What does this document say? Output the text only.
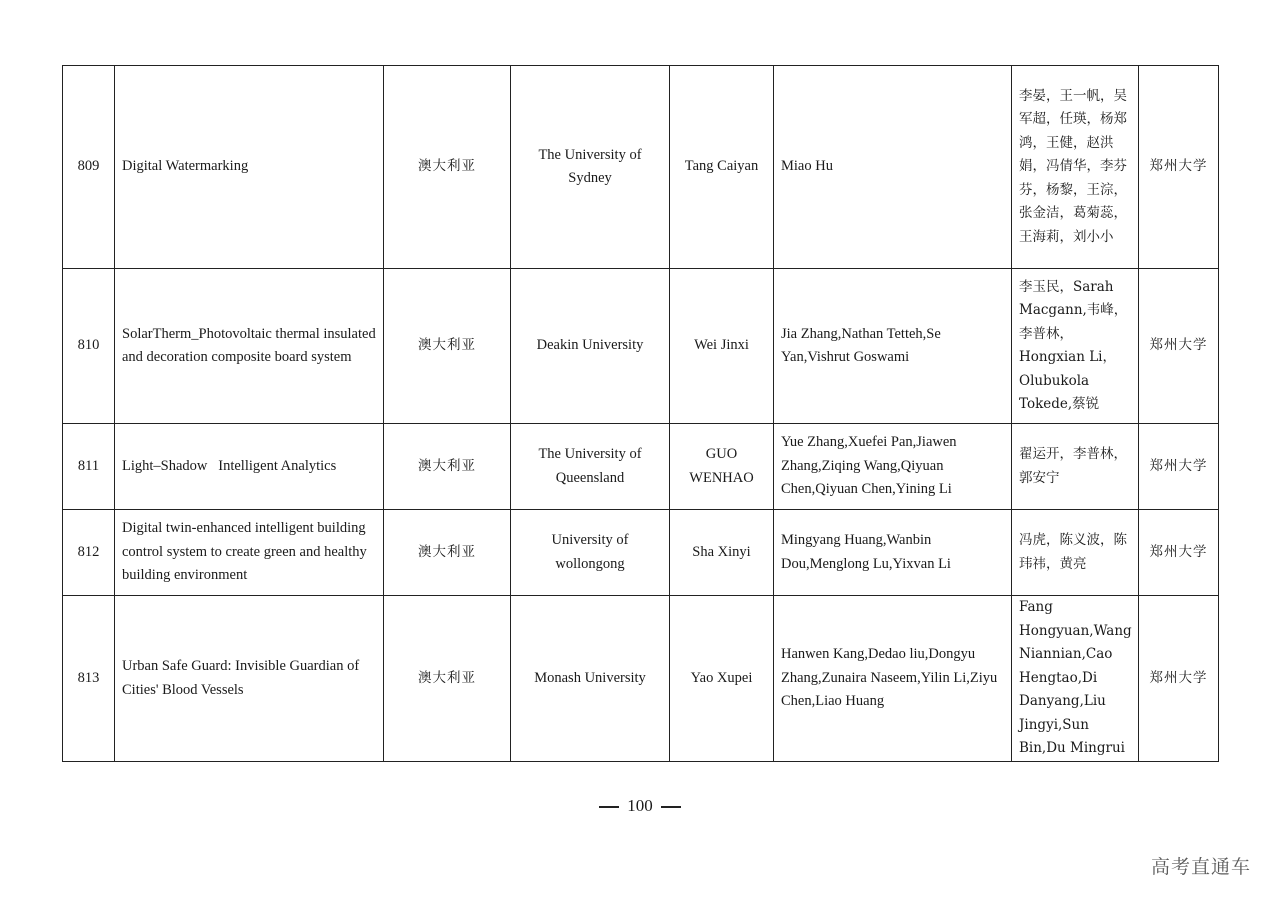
809	Digital Watermarking	澳大利亚	The University of Sydney	Tang Caiyan	Miao Hu	李晏，王一帆，吴军超，任瑛，杨郑鸿，王健，赵洪娟，冯倩华，李芬芬，杨黎，王淙，张金洁，葛菊蕊，王海莉，刘小小	郑州大学
810	SolarTherm_Photovoltaic thermal insulated and decoration composite board system	澳大利亚	Deakin University	Wei Jinxi	Jia Zhang,Nathan Tetteh,Se Yan,Vishrut Goswami	李玉民，Sarah Macgann,韦峰，李普林，Hongxian Li，Olubukola Tokede,蔡锐	郑州大学
811	Light–Shadow   Intelligent Analytics	澳大利亚	The University of Queensland	GUO WENHAO	Yue Zhang,Xuefei Pan,Jiawen Zhang,Ziqing Wang,Qiyuan Chen,Qiyuan Chen,Yining Li	翟运开，李普林，郭安宁	郑州大学
812	Digital twin-enhanced intelligent building control system to create green and healthy building environment	澳大利亚	University of wollongong	Sha Xinyi	Mingyang Huang,Wanbin Dou,Menglong Lu,Yixvan Li	冯虎，陈义波，陈玮祎，黄亮	郑州大学
813	Urban Safe Guard: Invisible Guardian of Cities' Blood Vessels	澳大利亚	Monash University	Yao Xupei	Hanwen Kang,Dedao liu,Dongyu Zhang,Zunaira Naseem,Yilin Li,Ziyu Chen,Liao Huang	Fang Hongyuan,Wang Niannian,Cao Hengtao,Di Danyang,Liu Jingyi,Sun Bin,Du Mingrui	郑州大学
100
高考直通车
